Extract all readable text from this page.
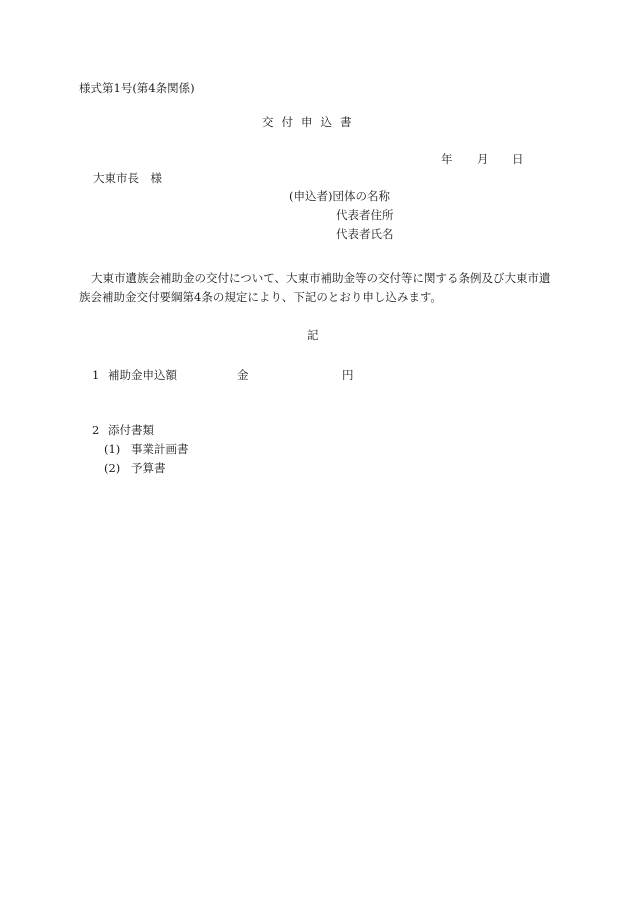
様式第1号(第4条関係)
交付申込書
年 月 日
大東市長　様
(申込者)団体の名称
代表者住所
代表者氏名
大東市遺族会補助金の交付について、大東市補助金等の交付等に関する条例及び大東市遺族会補助金交付要綱第4条の規定により、下記のとおり申し込みます。
記
1 補助金申込額	金	円
2 添付書類
(1) 事業計画書
(2) 予算書
